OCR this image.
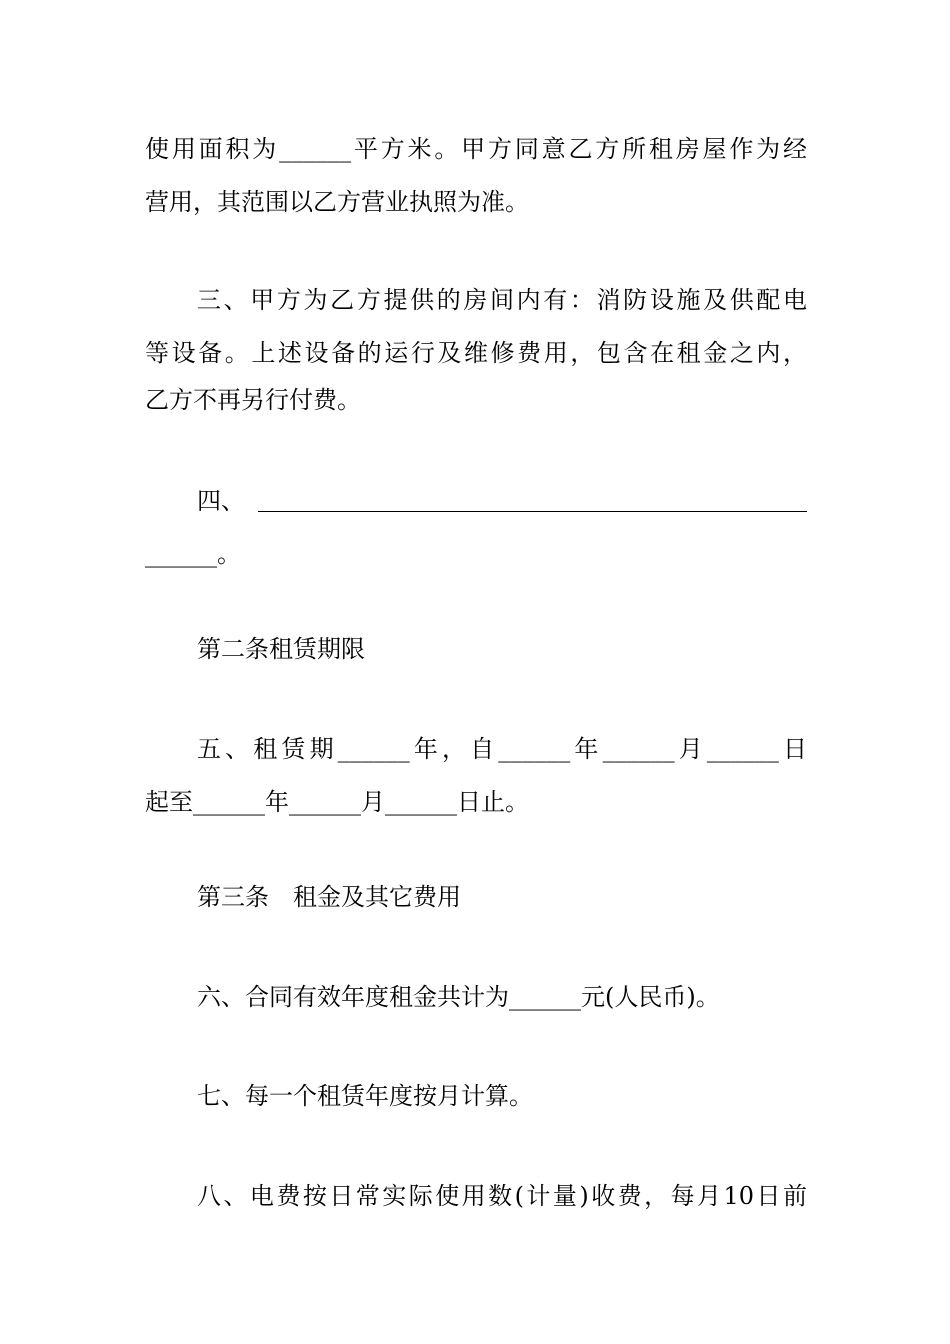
使用面积为______平方米。甲方同意乙方所租房屋作为经
营用，其范围以乙方营业执照为准。
三、甲方为乙方提供的房间内有：消防设施及供配电
等设备。上述设备的运行及维修费用，包含在租金之内，
乙方不再另行付费。
四、
______。
第二条租赁期限
五、租赁期______年，自______年______月______日
起至______年______月______日止。
第三条　租金及其它费用
六、合同有效年度租金共计为______元(人民币)。
七、每一个租赁年度按月计算。
八、电费按日常实际使用数(计量)收费，每月10日前
